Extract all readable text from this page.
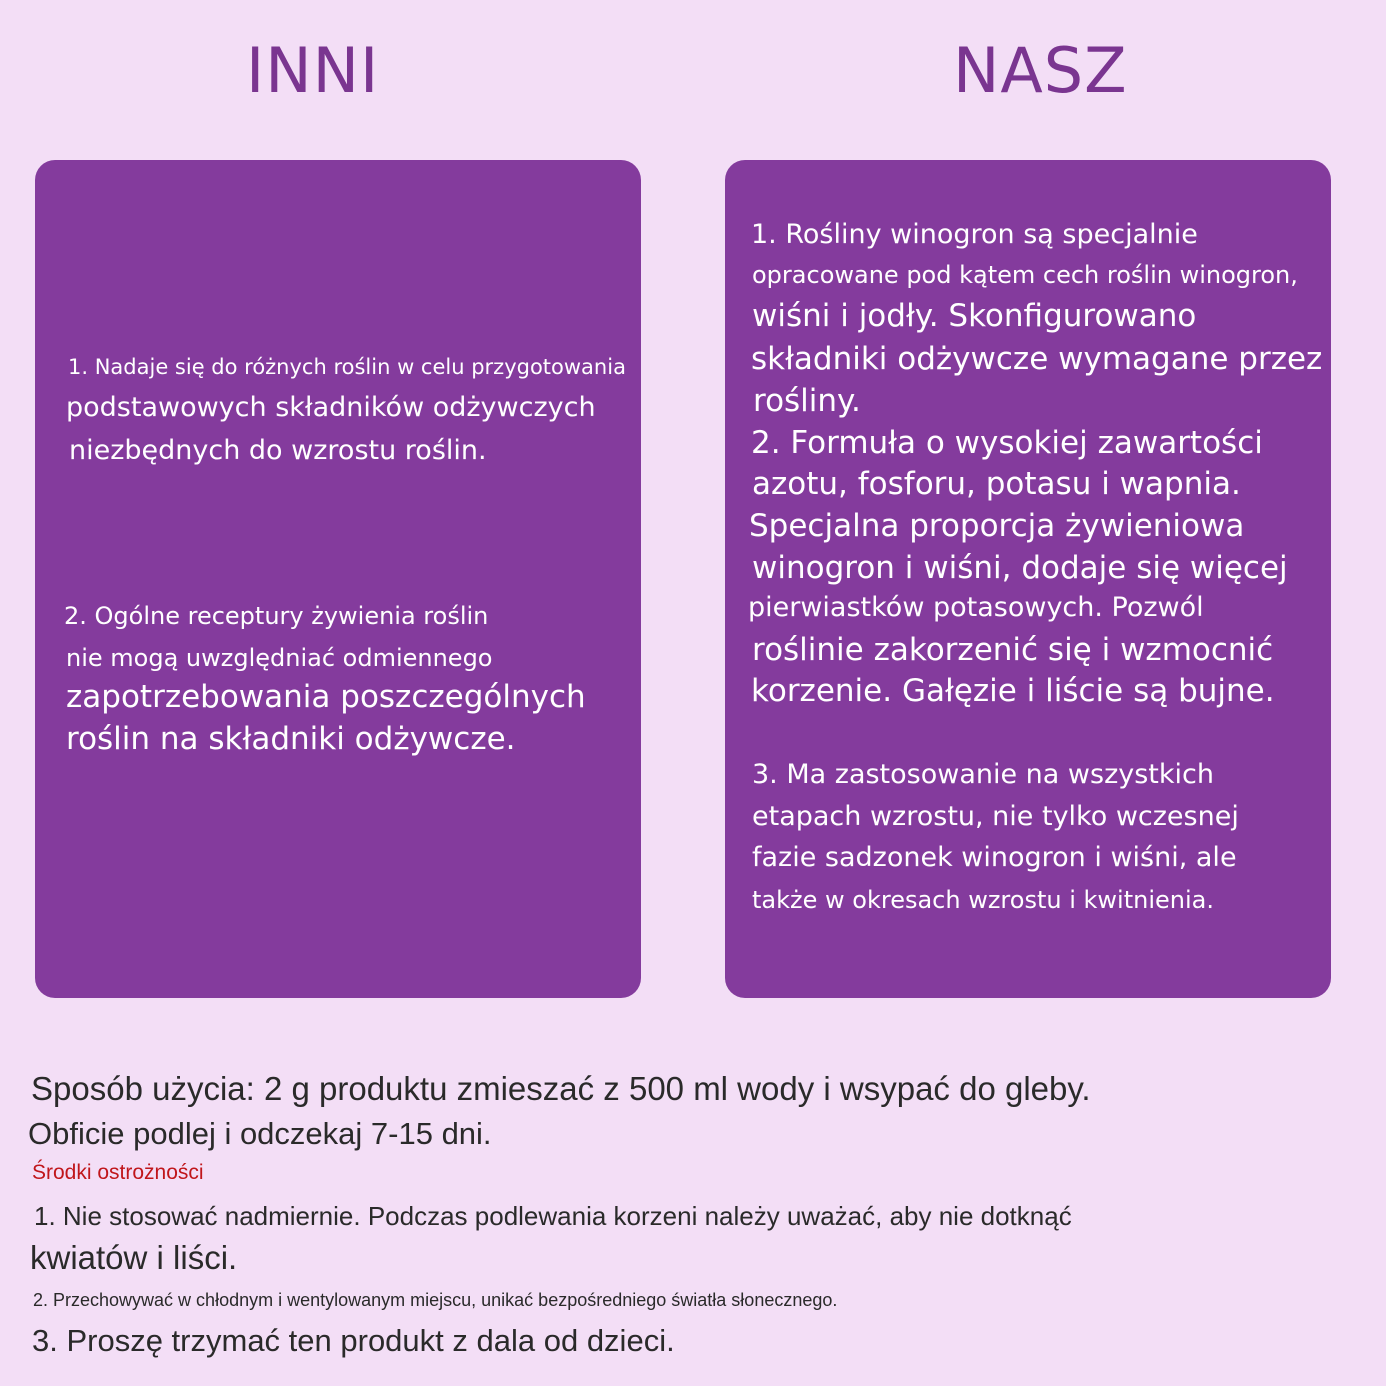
INNI	NASZ

1. Nadaje się do różnych roślin w celu przygotowania

podstawowych składników odżywczych

niezbędnych do wzrostu roślin.

2. Ogólne receptury żywienia roślin

nie mogą uwzględniać odmiennego

zapotrzebowania poszczególnych

roślin na składniki odżywcze.

1. Rośliny winogron są specjalnie

opracowane pod kątem cech roślin winogron,

wiśni i jodły. Skonfigurowano

składniki odżywcze wymagane przez

rośliny.

2. Formuła o wysokiej zawartości

azotu, fosforu, potasu i wapnia.

Specjalna proporcja żywieniowa

winogron i wiśni, dodaje się więcej

pierwiastków potasowych. Pozwól

roślinie zakorzenić się i wzmocnić

korzenie. Gałęzie i liście są bujne.

3. Ma zastosowanie na wszystkich

etapach wzrostu, nie tylko wczesnej

fazie sadzonek winogron i wiśni, ale

także w okresach wzrostu i kwitnienia.

Sposób użycia: 2 g produktu zmieszać z 500 ml wody i wsypać do gleby.

Obficie podlej i odczekaj 7-15 dni.

Środki ostrożności

1. Nie stosować nadmiernie. Podczas podlewania korzeni należy uważać, aby nie dotknąć

kwiatów i liści.

2. Przechowywać w chłodnym i wentylowanym miejscu, unikać bezpośredniego światła słonecznego.

3. Proszę trzymać ten produkt z dala od dzieci.
